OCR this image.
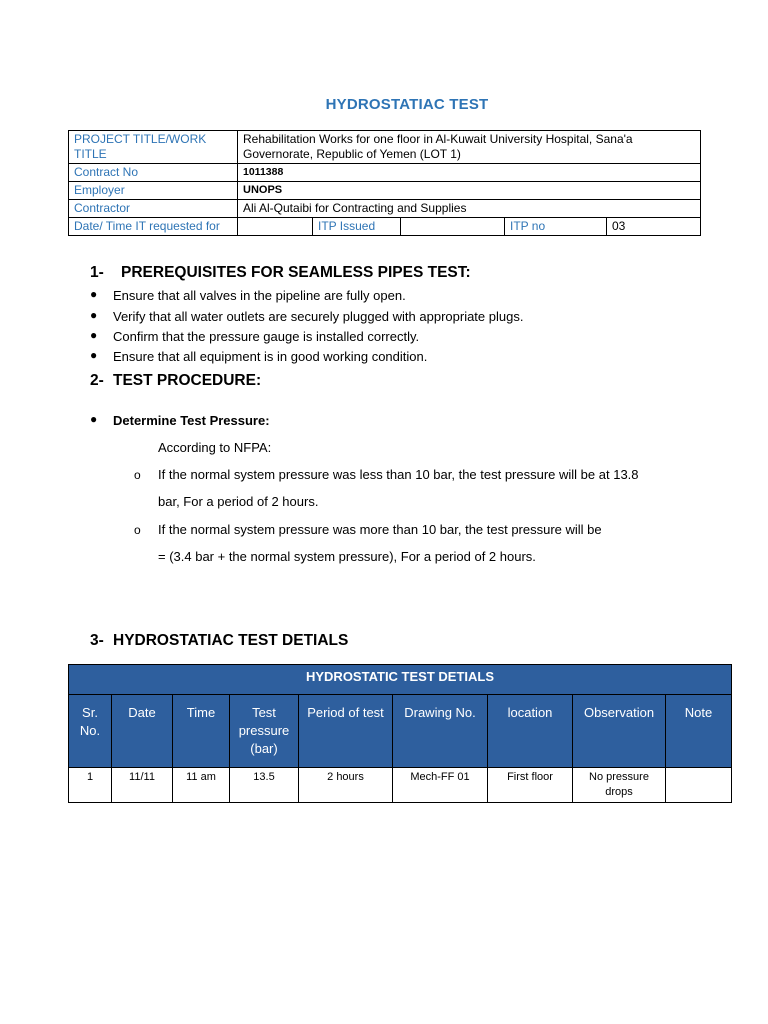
HYDROSTATIAC TEST
PROJECT TITLE/WORK TITLE	Rehabilitation Works for one floor in Al-Kuwait University Hospital, Sana'a
Governorate, Republic of Yemen (LOT 1)				

Contract No	1011388				
Employer	UNOPS				
Contractor	Ali Al-Qutaibi for Contracting and Supplies				
Date/ Time IT requested for		ITP Issued		ITP no	03
1- PREREQUISITES FOR SEAMLESS PIPES TEST:
● Ensure that all valves in the pipeline are fully open.
● Verify that all water outlets are securely plugged with appropriate plugs.
● Confirm that the pressure gauge is installed correctly.
● Ensure that all equipment is in good working condition.
2- TEST PROCEDURE:
● Determine Test Pressure:
According to NFPA:
o If the normal system pressure was less than 10 bar, the test pressure will be at 13.8
bar, For a period of 2 hours.
o If the normal system pressure was more than 10 bar, the test pressure will be
= (3.4 bar + the normal system pressure), For a period of 2 hours.
3- HYDROSTATIAC TEST DETIALS
HYDROSTATIC TEST DETIALS								
Sr. No.	Date	Time	Test pressure (bar)	Period of test	Drawing No.	location	Observation	Note
1	11/11	11 am	13.5	2 hours	Mech-FF 01	First floor	No pressure drops	
